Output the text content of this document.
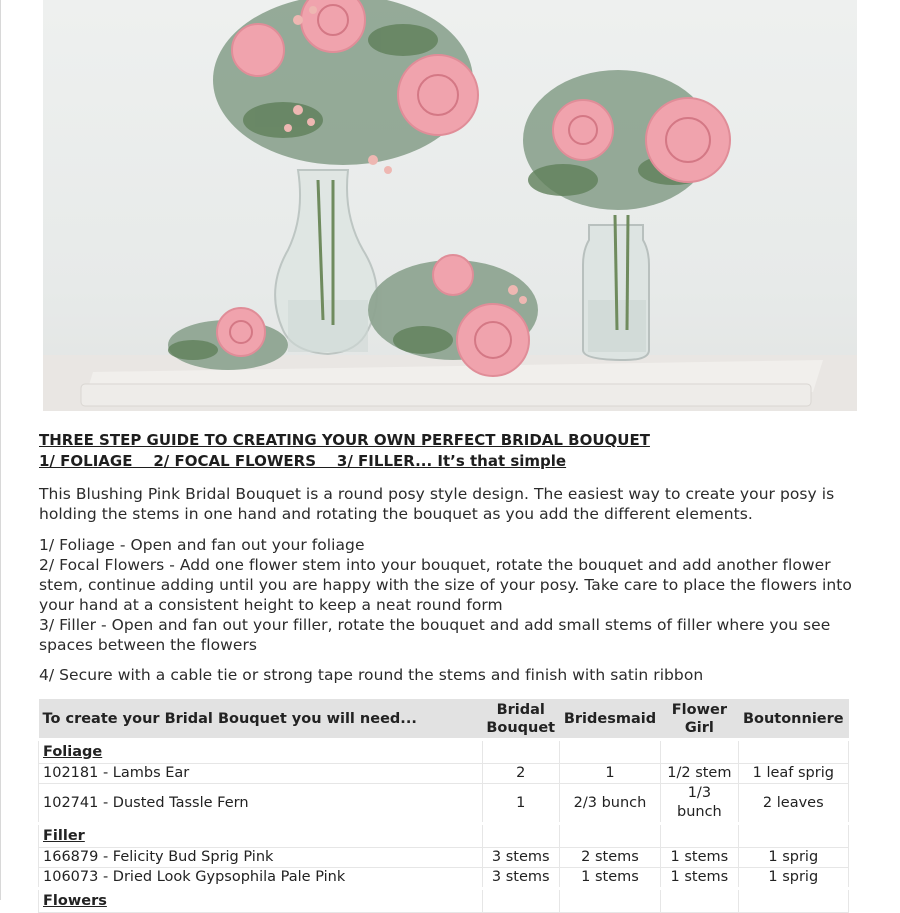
THREE STEP GUIDE TO CREATING YOUR OWN PERFECT BRIDAL BOUQUET

1/ FOLIAGE    2/ FOCAL FLOWERS    3/ FILLER... It’s that simple

This Blushing Pink Bridal Bouquet is a round posy style design. The easiest way to create your posy is holding the stems in one hand and rotating the bouquet as you add the different elements.

1/ Foliage - Open and fan out your foliage

2/ Focal Flowers - Add one flower stem into your bouquet, rotate the bouquet and add another flower stem, continue adding until you are happy with the size of your posy. Take care to place the flowers into your hand at a consistent height to keep a neat round form

3/ Filler - Open and fan out your filler, rotate the bouquet and add small stems of filler where you see spaces between the flowers

4/ Secure with a cable tie or strong tape round the stems and finish with satin ribbon

To create your Bridal Bouquet you will need...	Bridal Bouquet	Bridesmaid	Flower Girl	Boutonniere
Foliage				
102181 - Lambs Ear	2	1	1/2 stem	1 leaf sprig
102741 - Dusted Tassle Fern	1	2/3 bunch	1/3 bunch	2 leaves
Filler				
166879 - Felicity Bud Sprig Pink	3 stems	2 stems	1 stems	1 sprig
106073 - Dried Look Gypsophila Pale Pink	3 stems	1 stems	1 stems	1 sprig
Flowers				
